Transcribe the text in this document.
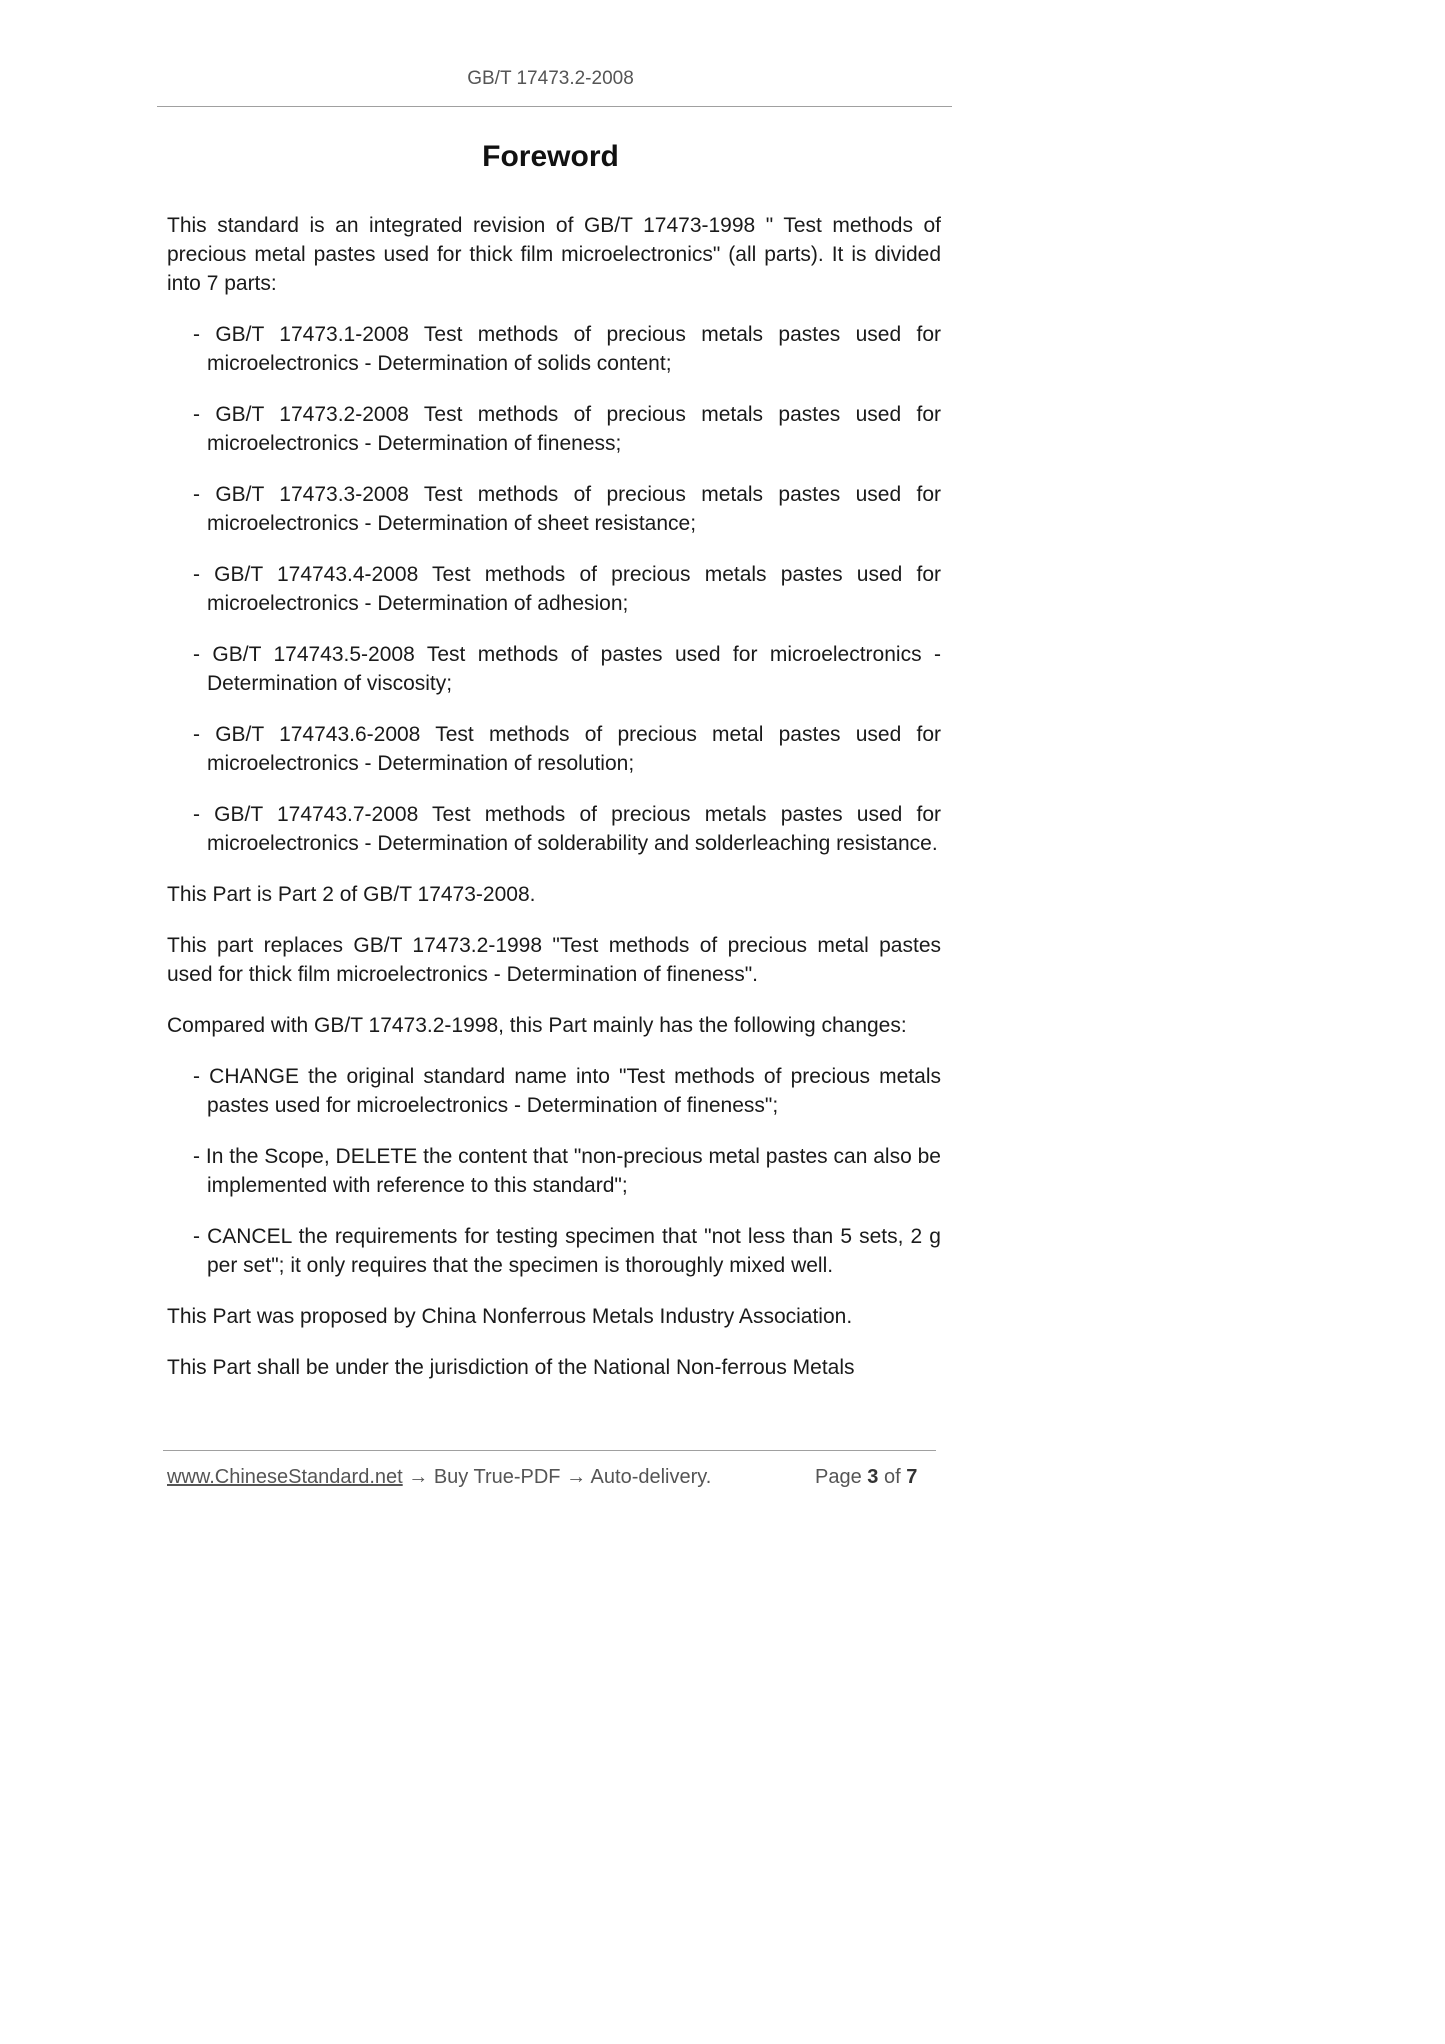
GB/T 17473.2-2008
Foreword

This standard is an integrated revision of GB/T 17473-1998 " Test methods of precious metal pastes used for thick film microelectronics" (all parts). It is divided into 7 parts:

- GB/T 17473.1-2008 Test methods of precious metals pastes used for microelectronics - Determination of solids content;
- GB/T 17473.2-2008 Test methods of precious metals pastes used for microelectronics - Determination of fineness;
- GB/T 17473.3-2008 Test methods of precious metals pastes used for microelectronics - Determination of sheet resistance;
- GB/T 174743.4-2008 Test methods of precious metals pastes used for microelectronics - Determination of adhesion;
- GB/T 174743.5-2008 Test methods of pastes used for microelectronics - Determination of viscosity;
- GB/T 174743.6-2008 Test methods of precious metal pastes used for microelectronics - Determination of resolution;
- GB/T 174743.7-2008 Test methods of precious metals pastes used for microelectronics - Determination of solderability and solderleaching resistance.

This Part is Part 2 of GB/T 17473-2008.

This part replaces GB/T 17473.2-1998 "Test methods of precious metal pastes used for thick film microelectronics - Determination of fineness".

Compared with GB/T 17473.2-1998, this Part mainly has the following changes:

- CHANGE the original standard name into "Test methods of precious metals pastes used for microelectronics - Determination of fineness";
- In the Scope, DELETE the content that "non-precious metal pastes can also be implemented with reference to this standard";
- CANCEL the requirements for testing specimen that "not less than 5 sets, 2 g per set"; it only requires that the specimen is thoroughly mixed well.

This Part was proposed by China Nonferrous Metals Industry Association.

This Part shall be under the jurisdiction of the National Non-ferrous Metals

www.ChineseStandard.net → Buy True-PDF → Auto-delivery.	Page 3 of 7
